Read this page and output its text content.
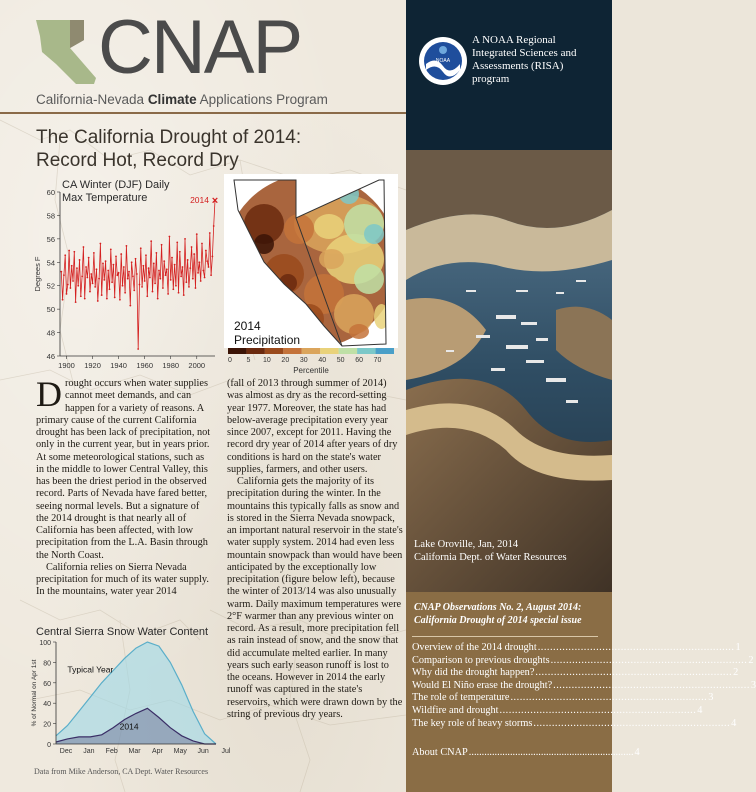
CNAP
California-Nevada Climate Applications Program
The California Drought of 2014:
Record Hot, Record Dry
CA Winter (DJF) Daily
Max Temperature
46
48
50
52
54
56
58
60
1900 1920 1940 1960 1980 2000
Degrees F
2014 ×
2014
Precipitation
0 5 10 20 30 40 50 60 70
Percentile
Central Sierra Snow Water Content
0
20
40
60
80
100
Dec Jan Feb Mar Apr May Jun Jul
% of Normal on Apr 1st	Typical Year
2014
Data from Mike Anderson, CA Dept. Water Resources

Drought occurs when water supplies cannot meet demands, and can happen for a variety of reasons. A primary cause of the current California drought has been lack of precipitation, not only in the current year, but in years prior. At some meteorological stations, such as in the middle to lower Central Valley, this has been the driest period in the observed record. Parts of Nevada have fared better, seeing normal levels. But a signature of the 2014 drought is that nearly all of California has been affected, with low precipitation from the L.A. Basin through the North Coast.

California relies on Sierra Nevada precipitation for much of its water supply. In the mountains, water year 2014

(fall of 2013 through summer of 2014) was almost as dry as the record-setting year 1977. Moreover, the state has had below-average precipitation every year since 2007, except for 2011. Having the record dry year of 2014 after years of dry conditions is hard on the state's water supplies, farmers, and other users.

California gets the majority of its precipitation during the winter. In the mountains this typically falls as snow and is stored in the Sierra Nevada snowpack, an important natural reservoir in the state's water supply system. 2014 had even less mountain snowpack than would have been anticipated by the exceptionally low precipitation (figure below left), because the winter of 2013/14 was also unusually warm. Daily maximum temperatures were 2°F warmer than any previous winter on record. As a result, more precipitation fell as rain instead of snow, and the snow that did accumulate melted earlier. In many years such early season runoff is lost to the oceans. However in 2014 the early runoff was captured in the state's reservoirs, which were drawn down by the string of previous dry years.

NOAA
A NOAA Regional Integrated Sciences and Assessments (RISA) program
Lake Oroville, Jan, 2014
California Dept. of Water Resources
CNAP Observations No. 2, August 2014:
California Drought of 2014 special issue
Overview of the 2014 drought .....	1
Comparison to previous droughts .....	2
Why did the drought happen? .....	2
Would El Niño erase the drought? .....	3
The role of temperature .....	3
Wildfire and drought .....	4
The key role of heavy storms .....	4
About CNAP .....	4
